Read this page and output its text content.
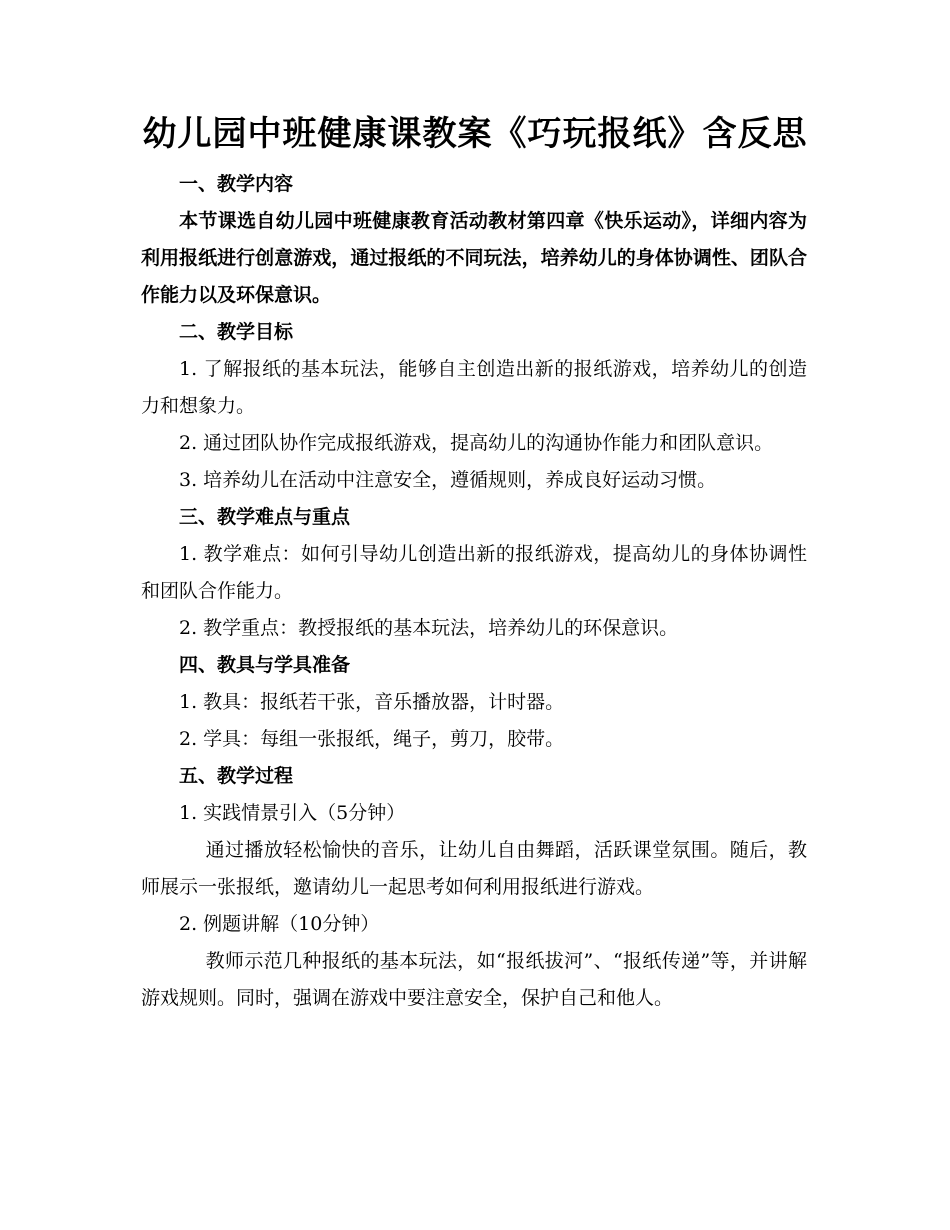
幼儿园中班健康课教案《巧玩报纸》含反思

一、教学内容

本节课选自幼儿园中班健康教育活动教材第四章《快乐运动》，详细内容为利用报纸进行创意游戏，通过报纸的不同玩法，培养幼儿的身体协调性、团队合作能力以及环保意识。

二、教学目标

1. 了解报纸的基本玩法，能够自主创造出新的报纸游戏，培养幼儿的创造力和想象力。

2. 通过团队协作完成报纸游戏，提高幼儿的沟通协作能力和团队意识。

3. 培养幼儿在活动中注意安全，遵循规则，养成良好运动习惯。

三、教学难点与重点

1. 教学难点：如何引导幼儿创造出新的报纸游戏，提高幼儿的身体协调性和团队合作能力。

2. 教学重点：教授报纸的基本玩法，培养幼儿的环保意识。

四、教具与学具准备

1. 教具：报纸若干张，音乐播放器，计时器。

2. 学具：每组一张报纸，绳子，剪刀，胶带。

五、教学过程

1. 实践情景引入（5分钟）

通过播放轻松愉快的音乐，让幼儿自由舞蹈，活跃课堂氛围。随后，教师展示一张报纸，邀请幼儿一起思考如何利用报纸进行游戏。

2. 例题讲解（10分钟）

教师示范几种报纸的基本玩法，如“报纸拔河”、“报纸传递”等，并讲解游戏规则。同时，强调在游戏中要注意安全，保护自己和他人。
